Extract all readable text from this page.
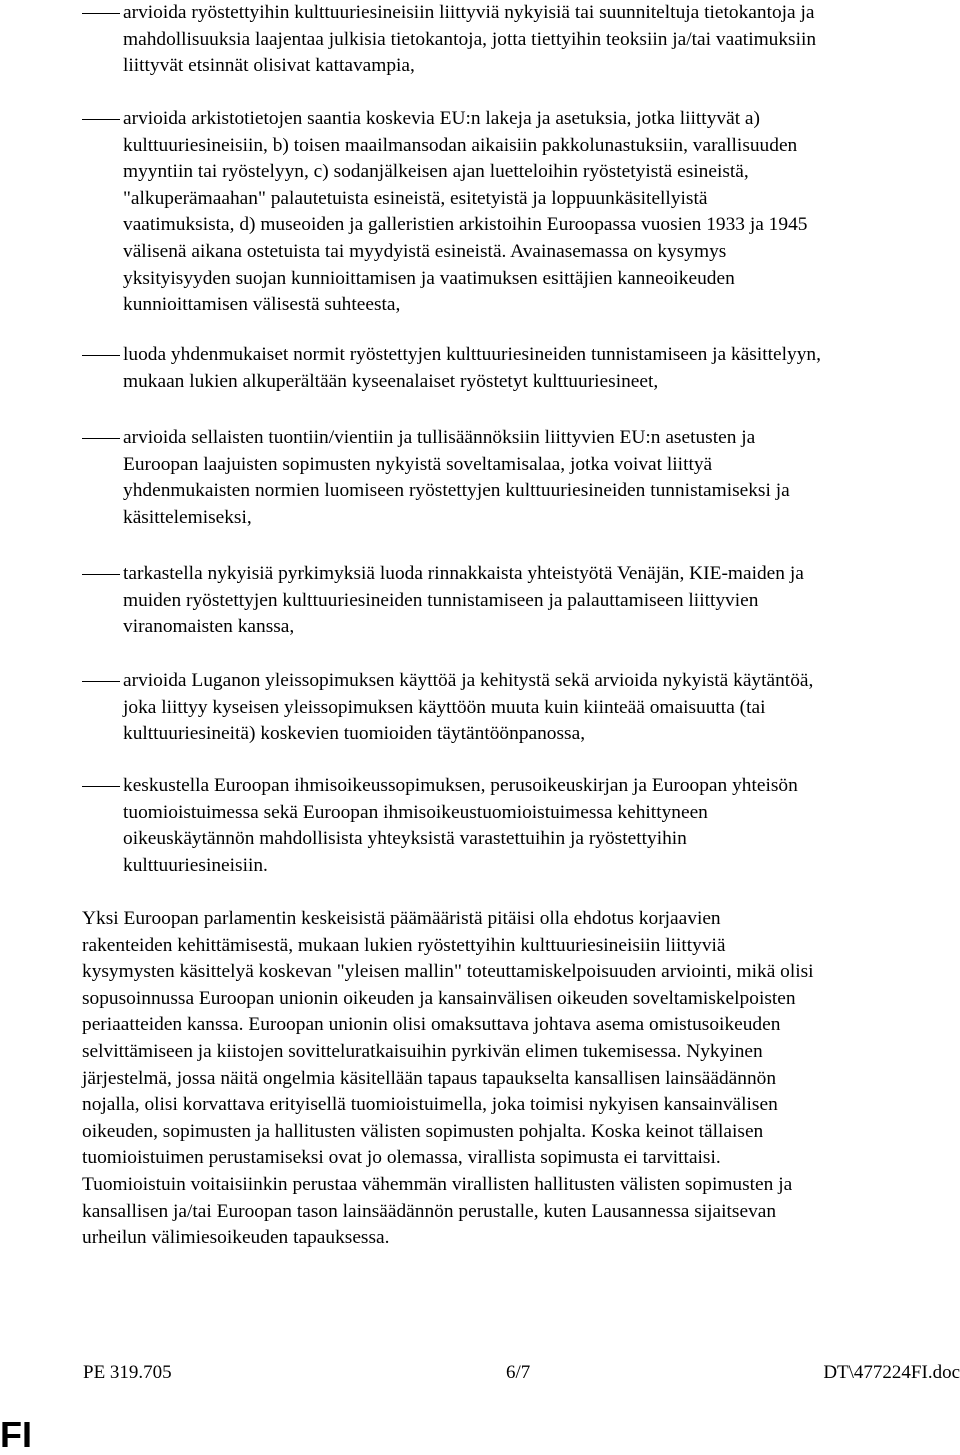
arvioida ryöstettyihin kulttuuriesineisiin liittyviä nykyisiä tai suunniteltuja tietokantoja ja
mahdollisuuksia laajentaa julkisia tietokantoja, jotta tiettyihin teoksiin ja/tai vaatimuksiin
liittyvät etsinnät olisivat kattavampia,
arvioida arkistotietojen saantia koskevia EU:n lakeja ja asetuksia, jotka liittyvät a)
kulttuuriesineisiin, b) toisen maailmansodan aikaisiin pakkolunastuksiin, varallisuuden
myyntiin tai ryöstelyyn, c) sodanjälkeisen ajan luetteloihin ryöstetyistä esineistä,
"alkuperämaahan" palautetuista esineistä, esitetyistä ja loppuunkäsitellyistä
vaatimuksista, d) museoiden ja galleristien arkistoihin Euroopassa vuosien 1933 ja 1945
välisenä aikana ostetuista tai myydyistä esineistä. Avainasemassa on kysymys
yksityisyyden suojan kunnioittamisen ja vaatimuksen esittäjien kanneoikeuden
kunnioittamisen välisestä suhteesta,
luoda yhdenmukaiset normit ryöstettyjen kulttuuriesineiden tunnistamiseen ja käsittelyyn,
mukaan lukien alkuperältään kyseenalaiset ryöstetyt kulttuuriesineet,
arvioida sellaisten tuontiin/vientiin ja tullisäännöksiin liittyvien EU:n asetusten ja
Euroopan laajuisten sopimusten nykyistä soveltamisalaa, jotka voivat liittyä
yhdenmukaisten normien luomiseen ryöstettyjen kulttuuriesineiden tunnistamiseksi ja
käsittelemiseksi,
tarkastella nykyisiä pyrkimyksiä luoda rinnakkaista yhteistyötä Venäjän, KIE-maiden ja
muiden ryöstettyjen kulttuuriesineiden tunnistamiseen ja palauttamiseen liittyvien
viranomaisten kanssa,
arvioida Luganon yleissopimuksen käyttöä ja kehitystä sekä arvioida nykyistä käytäntöä,
joka liittyy kyseisen yleissopimuksen käyttöön muuta kuin kiinteää omaisuutta (tai
kulttuuriesineitä) koskevien tuomioiden täytäntöönpanossa,
keskustella Euroopan ihmisoikeussopimuksen, perusoikeuskirjan ja Euroopan yhteisön
tuomioistuimessa sekä Euroopan ihmisoikeustuomioistuimessa kehittyneen
oikeuskäytännön mahdollisista yhteyksistä varastettuihin ja ryöstettyihin
kulttuuriesineisiin.
Yksi Euroopan parlamentin keskeisistä päämääristä pitäisi olla ehdotus korjaavien
rakenteiden kehittämisestä, mukaan lukien ryöstettyihin kulttuuriesineisiin liittyviä
kysymysten käsittelyä koskevan "yleisen mallin" toteuttamiskelpoisuuden arviointi, mikä olisi
sopusoinnussa Euroopan unionin oikeuden ja kansainvälisen oikeuden soveltamiskelpoisten
periaatteiden kanssa. Euroopan unionin olisi omaksuttava johtava asema omistusoikeuden
selvittämiseen ja kiistojen sovitteluratkaisuihin pyrkivän elimen tukemisessa. Nykyinen
järjestelmä, jossa näitä ongelmia käsitellään tapaus tapaukselta kansallisen lainsäädännön
nojalla, olisi korvattava erityisellä tuomioistuimella, joka toimisi nykyisen kansainvälisen
oikeuden, sopimusten ja hallitusten välisten sopimusten pohjalta. Koska keinot tällaisen
tuomioistuimen perustamiseksi ovat jo olemassa, virallista sopimusta ei tarvittaisi.
Tuomioistuin voitaisiinkin perustaa vähemmän virallisten hallitusten välisten sopimusten ja
kansallisen ja/tai Euroopan tason lainsäädännön perustalle, kuten Lausannessa sijaitsevan
urheilun välimiesoikeuden tapauksessa.
PE 319.705	6/7	DT\477224FI.doc
FI
